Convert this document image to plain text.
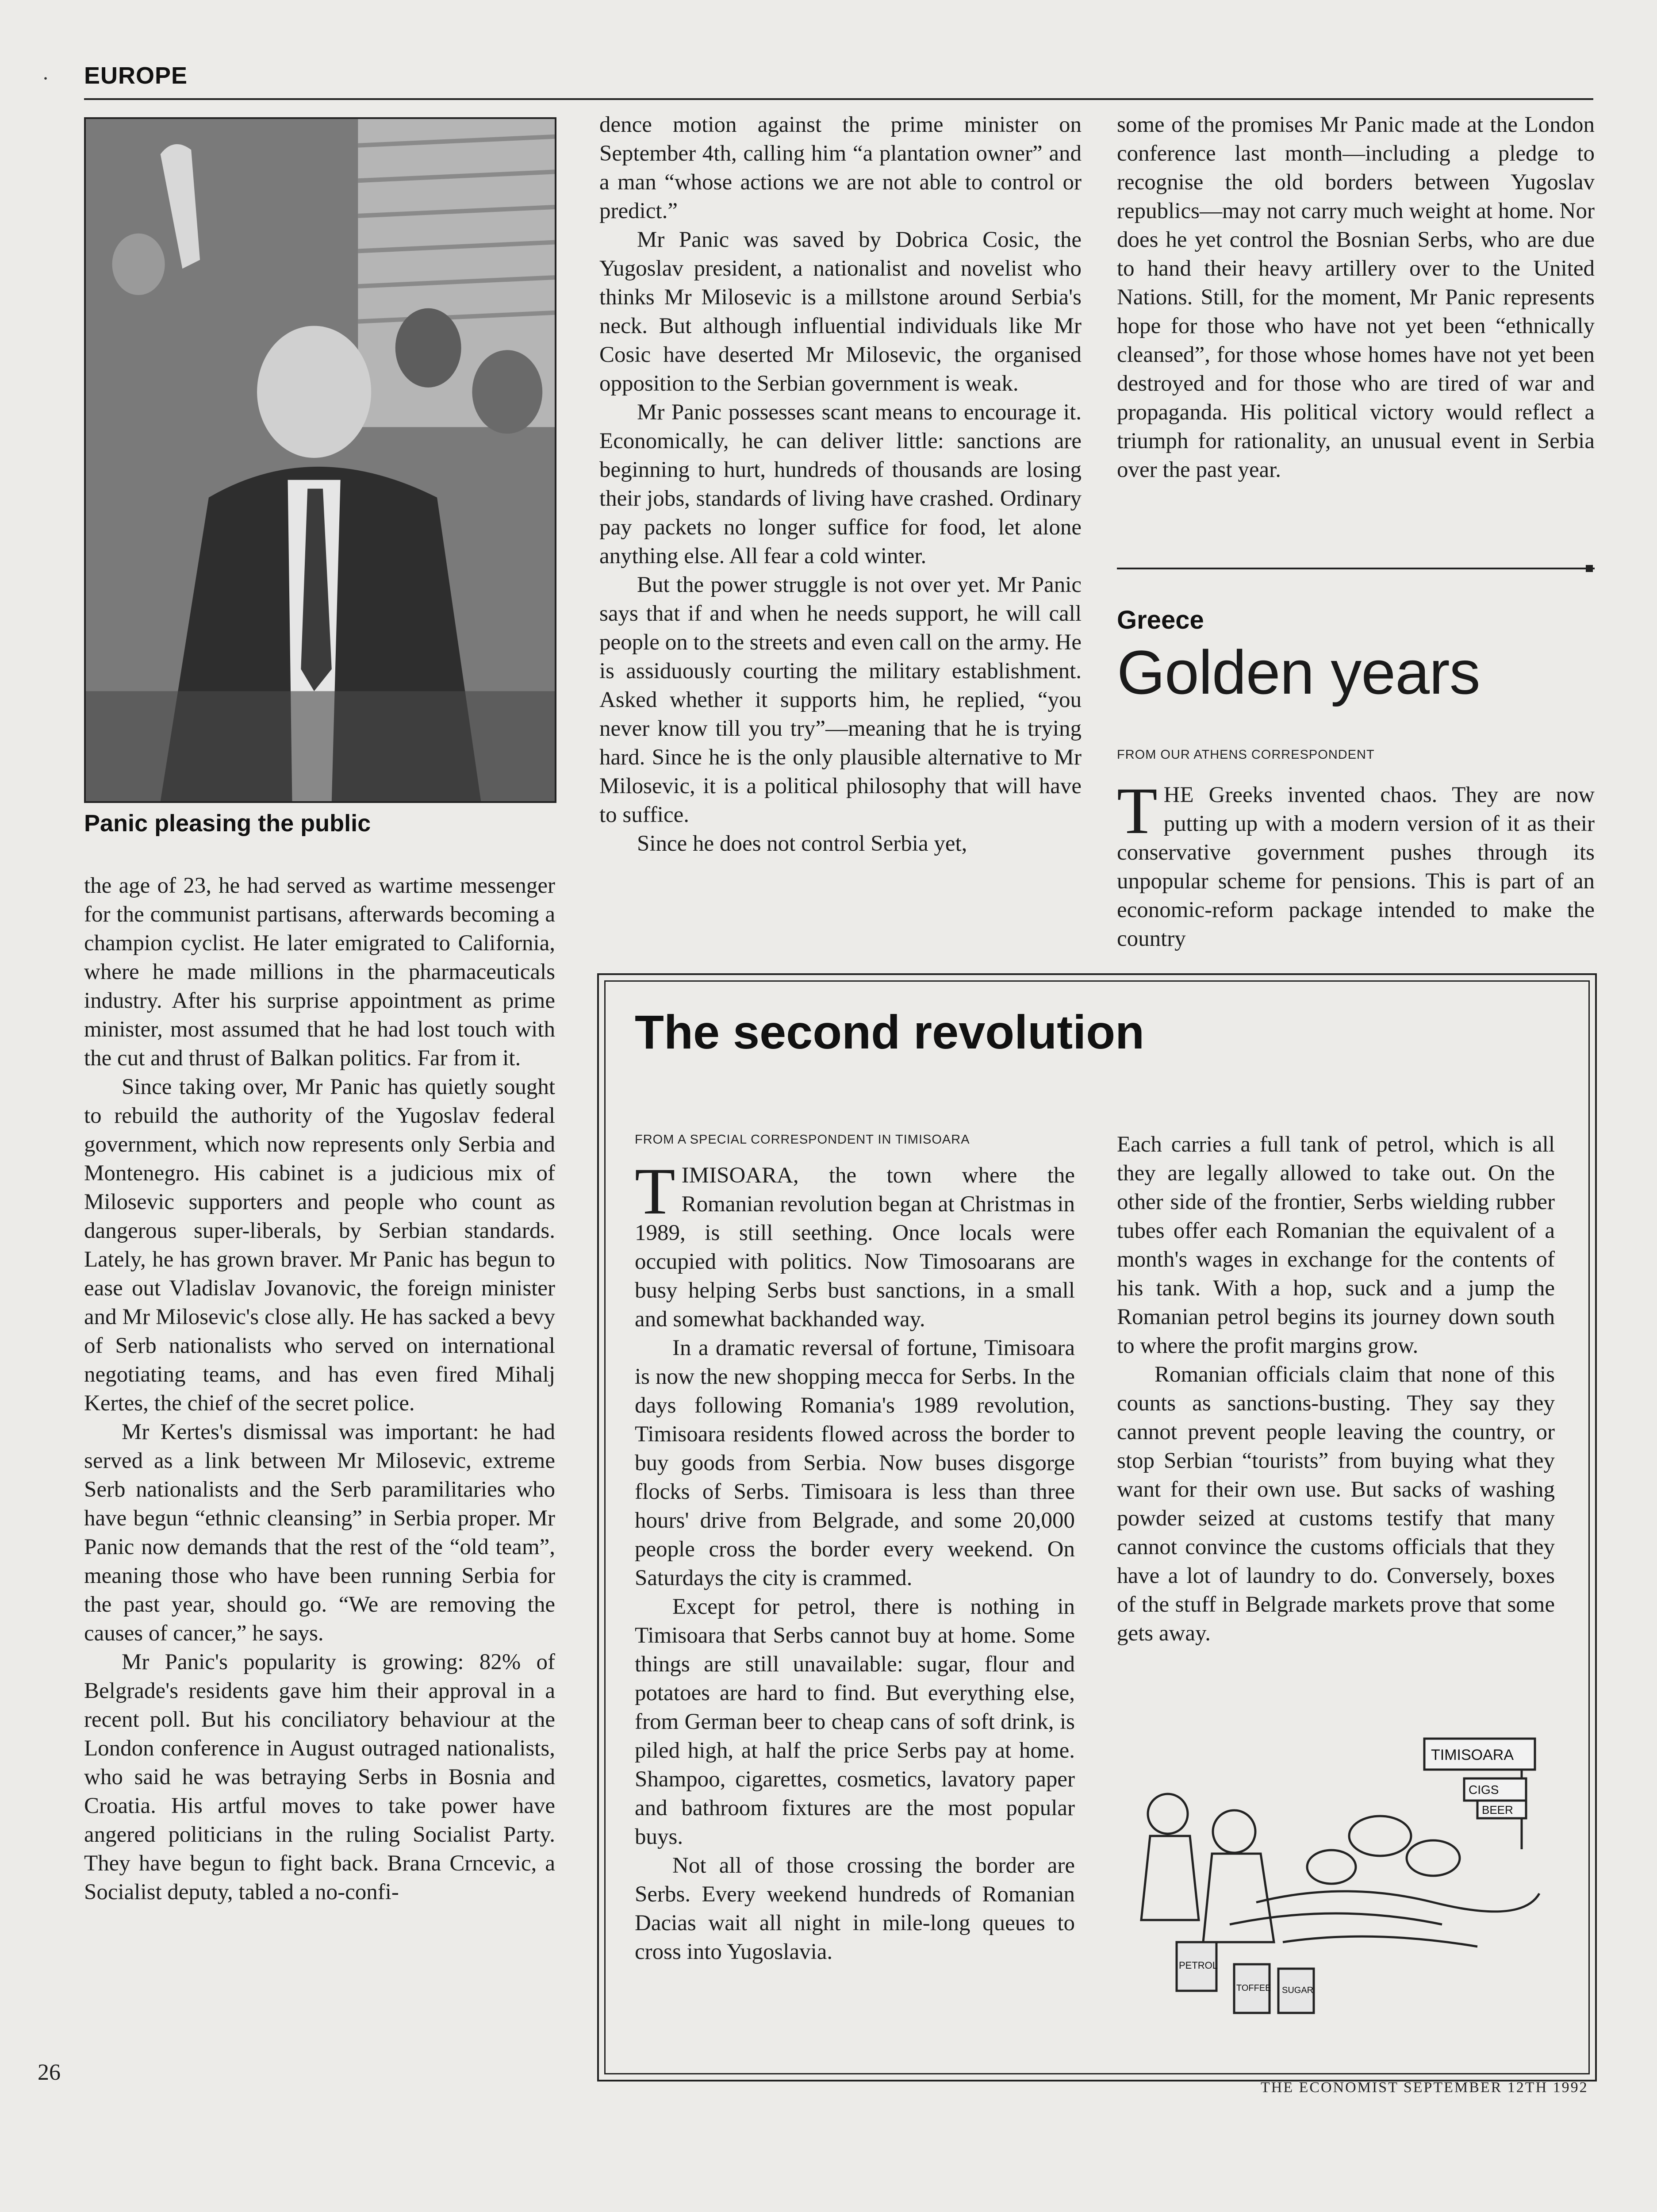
· EUROPE
Panic pleasing the public

the age of 23, he had served as wartime messenger for the communist partisans, afterwards becoming a champion cyclist. He later emigrated to California, where he made millions in the pharmaceuticals industry. After his surprise appointment as prime minister, most assumed that he had lost touch with the cut and thrust of Balkan politics. Far from it.

Since taking over, Mr Panic has quietly sought to rebuild the authority of the Yugoslav federal government, which now represents only Serbia and Montenegro. His cabinet is a judicious mix of Milosevic supporters and people who count as dangerous super-liberals, by Serbian standards. Lately, he has grown braver. Mr Panic has begun to ease out Vladislav Jovanovic, the foreign minister and Mr Milosevic's close ally. He has sacked a bevy of Serb nationalists who served on international negotiating teams, and has even fired Mihalj Kertes, the chief of the secret police.

Mr Kertes's dismissal was important: he had served as a link between Mr Milosevic, extreme Serb nationalists and the Serb paramilitaries who have begun “ethnic cleansing” in Serbia proper. Mr Panic now demands that the rest of the “old team”, meaning those who have been running Serbia for the past year, should go. “We are removing the causes of cancer,” he says.

Mr Panic's popularity is growing: 82% of Belgrade's residents gave him their approval in a recent poll. But his conciliatory behaviour at the London conference in August outraged nationalists, who said he was betraying Serbs in Bosnia and Croatia. His artful moves to take power have angered politicians in the ruling Socialist Party. They have begun to fight back. Brana Crncevic, a Socialist deputy, tabled a no-confi-

dence motion against the prime minister on September 4th, calling him “a plantation owner” and a man “whose actions we are not able to control or predict.”

Mr Panic was saved by Dobrica Cosic, the Yugoslav president, a nationalist and novelist who thinks Mr Milosevic is a millstone around Serbia's neck. But although influential individuals like Mr Cosic have deserted Mr Milosevic, the organised opposition to the Serbian government is weak.

Mr Panic possesses scant means to encourage it. Economically, he can deliver little: sanctions are beginning to hurt, hundreds of thousands are losing their jobs, standards of living have crashed. Ordinary pay packets no longer suffice for food, let alone anything else. All fear a cold winter.

But the power struggle is not over yet. Mr Panic says that if and when he needs support, he will call people on to the streets and even call on the army. He is assiduously courting the military establishment. Asked whether it supports him, he replied, “you never know till you try”—meaning that he is trying hard. Since he is the only plausible alternative to Mr Milosevic, it is a political philosophy that will have to suffice.

Since he does not control Serbia yet,

some of the promises Mr Panic made at the London conference last month—including a pledge to recognise the old borders between Yugoslav republics—may not carry much weight at home. Nor does he yet control the Bosnian Serbs, who are due to hand their heavy artillery over to the United Nations. Still, for the moment, Mr Panic represents hope for those who have not yet been “ethnically cleansed”, for those whose homes have not yet been destroyed and for those who are tired of war and propaganda. His political victory would reflect a triumph for rationality, an unusual event in Serbia over the past year.

Greece
Golden years
FROM OUR ATHENS CORRESPONDENT

THE Greeks invented chaos. They are now putting up with a modern version of it as their conservative government pushes through its unpopular scheme for pensions. This is part of an economic-reform package intended to make the country

The second revolution
FROM A SPECIAL CORRESPONDENT IN TIMISOARA

TIMISOARA, the town where the Romanian revolution began at Christmas in 1989, is still seething. Once locals were occupied with politics. Now Timosoarans are busy helping Serbs bust sanctions, in a small and somewhat backhanded way.

In a dramatic reversal of fortune, Timisoara is now the new shopping mecca for Serbs. In the days following Romania's 1989 revolution, Timisoara residents flowed across the border to buy goods from Serbia. Now buses disgorge flocks of Serbs. Timisoara is less than three hours' drive from Belgrade, and some 20,000 people cross the border every weekend. On Saturdays the city is crammed.

Except for petrol, there is nothing in Timisoara that Serbs cannot buy at home. Some things are still unavailable: sugar, flour and potatoes are hard to find. But everything else, from German beer to cheap cans of soft drink, is piled high, at half the price Serbs pay at home. Shampoo, cigarettes, cosmetics, lavatory paper and bathroom fixtures are the most popular buys.

Not all of those crossing the border are Serbs. Every weekend hundreds of Romanian Dacias wait all night in mile-long queues to cross into Yugoslavia.

Each carries a full tank of petrol, which is all they are legally allowed to take out. On the other side of the frontier, Serbs wielding rubber tubes offer each Romanian the equivalent of a month's wages in exchange for the contents of his tank. With a hop, suck and a jump the Romanian petrol begins its journey down south to where the profit margins grow.

Romanian officials claim that none of this counts as sanctions-busting. They say they cannot prevent people leaving the country, or stop Serbian “tourists” from buying what they want for their own use. But sacks of washing powder seized at customs testify that many cannot convince the customs officials that they have a lot of laundry to do. Conversely, boxes of the stuff in Belgrade markets prove that some gets away.

TIMISOARA
CIGS
BEER
PETROL
TOFFEE SUGAR
26
THE ECONOMIST SEPTEMBER 12TH 1992
